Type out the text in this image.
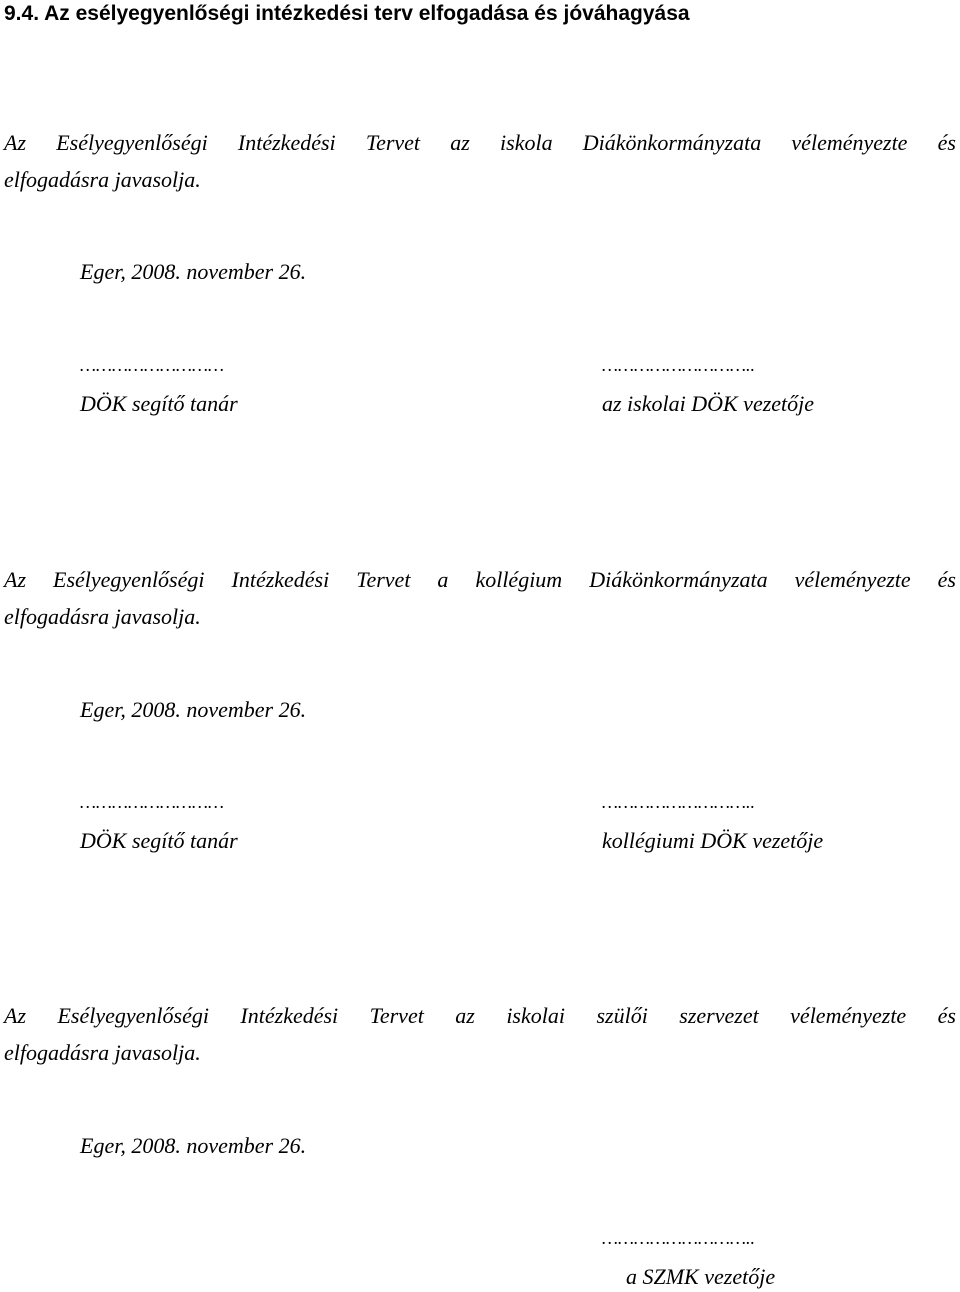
9.4. Az esélyegyenlőségi intézkedési terv elfogadása és jóváhagyása
Az Esélyegyenlőségi Intézkedési Tervet az iskola Diákönkormányzata véleményezte és
elfogadásra javasolja.
Eger, 2008. november 26.
………………………
DÖK segítő tanár
………………………..
az iskolai DÖK vezetője
Az Esélyegyenlőségi Intézkedési Tervet a kollégium Diákönkormányzata véleményezte és
elfogadásra javasolja.
Eger, 2008. november 26.
………………………
DÖK segítő tanár
………………………..
kollégiumi DÖK vezetője
Az Esélyegyenlőségi Intézkedési Tervet az iskolai szülői szervezet véleményezte és
elfogadásra javasolja.
Eger, 2008. november 26.
………………………..
a SZMK vezetője
